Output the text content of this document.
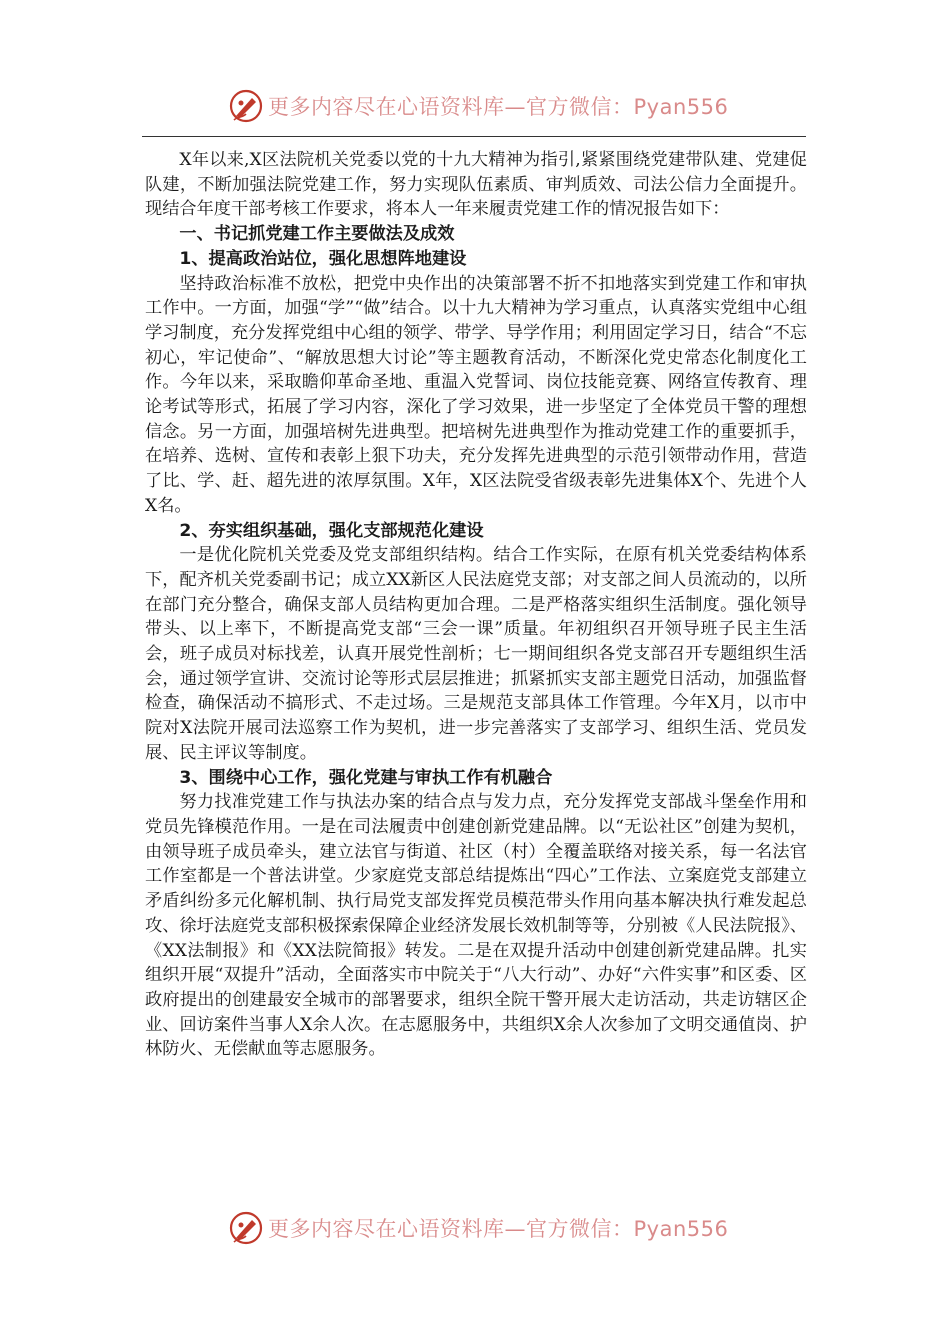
更多内容尽在心语资料库—官方微信：Pyan556

X年以来,X区法院机关党委以党的十九大精神为指引,紧紧围绕党建带队建、党建促队建，不断加强法院党建工作，努力实现队伍素质、审判质效、司法公信力全面提升。现结合年度干部考核工作要求，将本人一年来履责党建工作的情况报告如下：

一、书记抓党建工作主要做法及成效
1、提高政治站位，强化思想阵地建设

坚持政治标准不放松，把党中央作出的决策部署不折不扣地落实到党建工作和审执工作中。一方面，加强“学”“做”结合。以十九大精神为学习重点，认真落实党组中心组学习制度，充分发挥党组中心组的领学、带学、导学作用；利用固定学习日，结合“不忘初心，牢记使命”、“解放思想大讨论”等主题教育活动，不断深化党史常态化制度化工作。今年以来，采取瞻仰革命圣地、重温入党誓词、岗位技能竞赛、网络宣传教育、理论考试等形式，拓展了学习内容，深化了学习效果，进一步坚定了全体党员干警的理想信念。另一方面，加强培树先进典型。把培树先进典型作为推动党建工作的重要抓手，在培养、选树、宣传和表彰上狠下功夫，充分发挥先进典型的示范引领带动作用，营造了比、学、赶、超先进的浓厚氛围。X年，X区法院受省级表彰先进集体X个、先进个人X名。

2、夯实组织基础，强化支部规范化建设

一是优化院机关党委及党支部组织结构。结合工作实际，在原有机关党委结构体系下，配齐机关党委副书记；成立XX新区人民法庭党支部；对支部之间人员流动的，以所在部门充分整合，确保支部人员结构更加合理。二是严格落实组织生活制度。强化领导带头、以上率下，不断提高党支部“三会一课”质量。年初组织召开领导班子民主生活会，班子成员对标找差，认真开展党性剖析；七一期间组织各党支部召开专题组织生活会，通过领学宣讲、交流讨论等形式层层推进；抓紧抓实支部主题党日活动，加强监督检查，确保活动不搞形式、不走过场。三是规范支部具体工作管理。今年X月，以市中院对X法院开展司法巡察工作为契机，进一步完善落实了支部学习、组织生活、党员发展、民主评议等制度。

3、围绕中心工作，强化党建与审执工作有机融合

努力找准党建工作与执法办案的结合点与发力点，充分发挥党支部战斗堡垒作用和党员先锋模范作用。一是在司法履责中创建创新党建品牌。以“无讼社区”创建为契机，由领导班子成员牵头，建立法官与街道、社区（村）全覆盖联络对接关系，每一名法官工作室都是一个普法讲堂。少家庭党支部总结提炼出“四心”工作法、立案庭党支部建立矛盾纠纷多元化解机制、执行局党支部发挥党员模范带头作用向基本解决执行难发起总攻、徐圩法庭党支部积极探索保障企业经济发展长效机制等等，分别被《人民法院报》、《XX法制报》和《XX法院简报》转发。二是在双提升活动中创建创新党建品牌。扎实组织开展“双提升”活动，全面落实市中院关于“八大行动”、办好“六件实事”和区委、区政府提出的创建最安全城市的部署要求，组织全院干警开展大走访活动，共走访辖区企业、回访案件当事人X余人次。在志愿服务中，共组织X余人次参加了文明交通值岗、护林防火、无偿献血等志愿服务。

更多内容尽在心语资料库—官方微信：Pyan556
